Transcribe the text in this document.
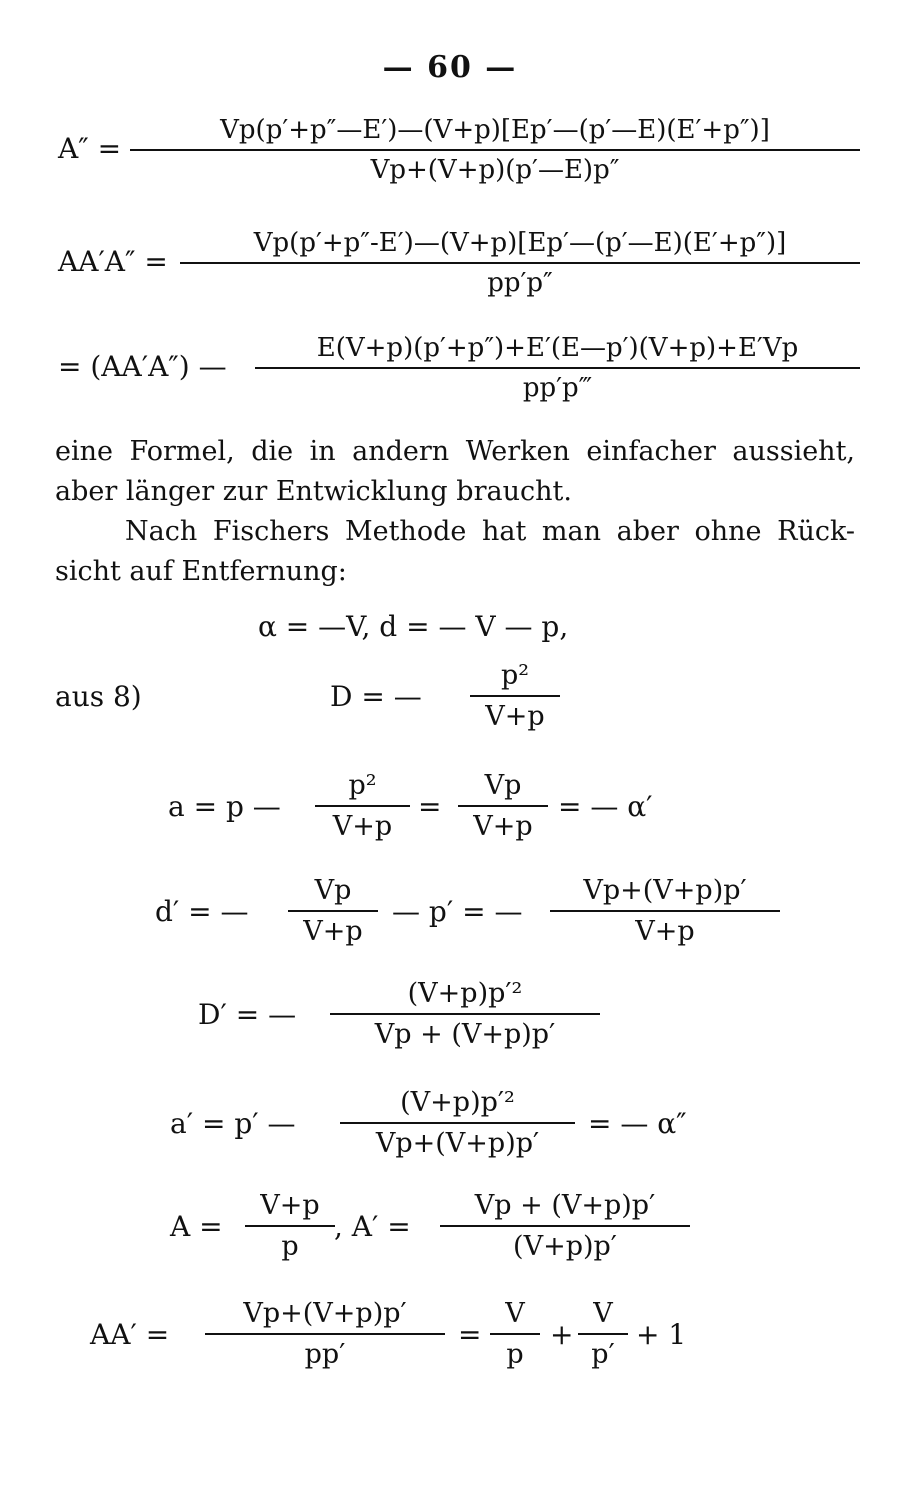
— 60 —
$A'' = \frac{Vp(p'+p''—E')—(V+p)[Ep'—(p'—E)(E'+p'')]}{Vp+(V+p)(p'—E)p''}$
$AA'A'' = \frac{Vp(p'+p''-E')—(V+p)[Ep'—(p'—E)(E'+p'')]}{pp'p''}$
= (AA′A″) — $\frac{E(V+p)(p'+p'')+E'(E—p')(V+p)+E'Vp}{pp'p‴}$
eine Formel, die in andern Werken einfacher aussieht,
aber länger zur Entwicklung braucht.
Nach Fischers Methode hat man aber ohne Rück-
sicht auf Entfernung:
α = —V, d = — V — p,
aus 8)	D = — $\frac{\text{p²}}{V+p}$
a = p — $\frac{\text{p²}}{V+p} = \frac{Vp}{V+p}$ = — α′
d′ = — $\frac{Vp}{V+p}$ — p′ = — $\frac{Vp+(V+p)p'}{V+p}$
D′ = — $\frac{\text{(V+p)p′²}}{Vp + (V+p)p'}$
a′ = p′ — $\frac{\text{(V+p)p′²}}{Vp+(V+p)p'}$ = — α″
$A = \frac{V+p}{p}$ , $A' = \frac{Vp + (V+p)p'}{(V+p)p'}$
$AA' = \frac{Vp+(V+p)p'}{pp'} = \frac{V}{p} + \frac{V}{p'} + 1$
